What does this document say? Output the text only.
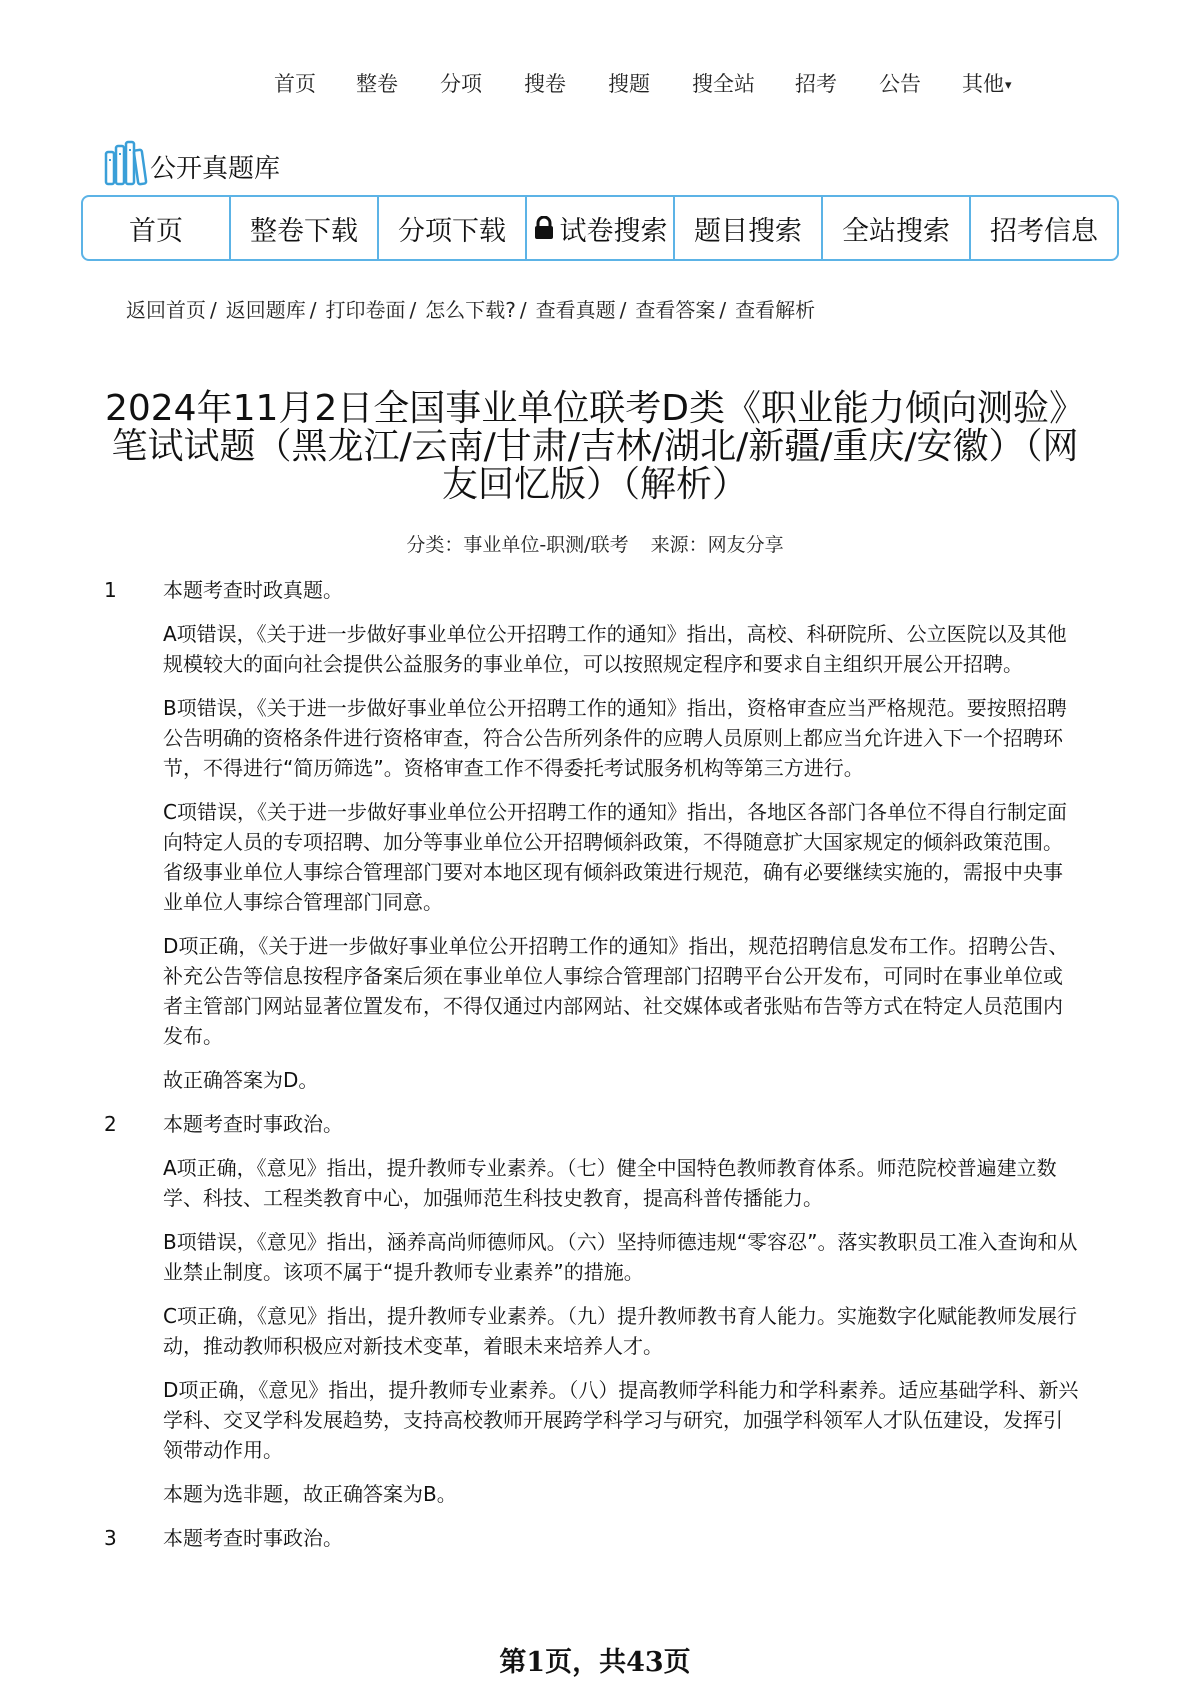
首页 整卷 分项 搜卷 搜题 搜全站 招考 公告 其他▾
公开真题库
首页	整卷下载	分项下载	试卷搜索 题目搜索	全站搜索	招考信息
返回首页 / 返回题库 / 打印卷面 / 怎么下载? / 查看真题 / 查看答案 / 查看解析
2024年11月2日全国事业单位联考D类《职业能力倾向测验》笔试试题（黑龙江/云南/甘肃/吉林/湖北/新疆/重庆/安徽）（网友回忆版）（解析）
分类：事业单位-职测/联考 来源：网友分享
1 本题考查时政真题。

A项错误，《关于进一步做好事业单位公开招聘工作的通知》指出，高校、科研院所、公立医院以及其他规模较大的面向社会提供公益服务的事业单位，可以按照规定程序和要求自主组织开展公开招聘。

B项错误，《关于进一步做好事业单位公开招聘工作的通知》指出，资格审查应当严格规范。要按照招聘公告明确的资格条件进行资格审查，符合公告所列条件的应聘人员原则上都应当允许进入下一个招聘环节，不得进行“简历筛选”。资格审查工作不得委托考试服务机构等第三方进行。

C项错误，《关于进一步做好事业单位公开招聘工作的通知》指出，各地区各部门各单位不得自行制定面向特定人员的专项招聘、加分等事业单位公开招聘倾斜政策，不得随意扩大国家规定的倾斜政策范围。省级事业单位人事综合管理部门要对本地区现有倾斜政策进行规范，确有必要继续实施的，需报中央事业单位人事综合管理部门同意。

D项正确，《关于进一步做好事业单位公开招聘工作的通知》指出，规范招聘信息发布工作。招聘公告、补充公告等信息按程序备案后须在事业单位人事综合管理部门招聘平台公开发布，可同时在事业单位或者主管部门网站显著位置发布，不得仅通过内部网站、社交媒体或者张贴布告等方式在特定人员范围内发布。

故正确答案为D。

2 本题考查时事政治。

A项正确，《意见》指出，提升教师专业素养。（七）健全中国特色教师教育体系。师范院校普遍建立数学、科技、工程类教育中心，加强师范生科技史教育，提高科普传播能力。

B项错误，《意见》指出，涵养高尚师德师风。（六）坚持师德违规“零容忍”。落实教职员工准入查询和从业禁止制度。该项不属于“提升教师专业素养”的措施。

C项正确，《意见》指出，提升教师专业素养。（九）提升教师教书育人能力。实施数字化赋能教师发展行动，推动教师积极应对新技术变革，着眼未来培养人才。

D项正确，《意见》指出，提升教师专业素养。（八）提高教师学科能力和学科素养。适应基础学科、新兴学科、交叉学科发展趋势，支持高校教师开展跨学科学习与研究，加强学科领军人才队伍建设，发挥引领带动作用。

本题为选非题，故正确答案为B。

3 本题考查时事政治。
第1页，共43页
